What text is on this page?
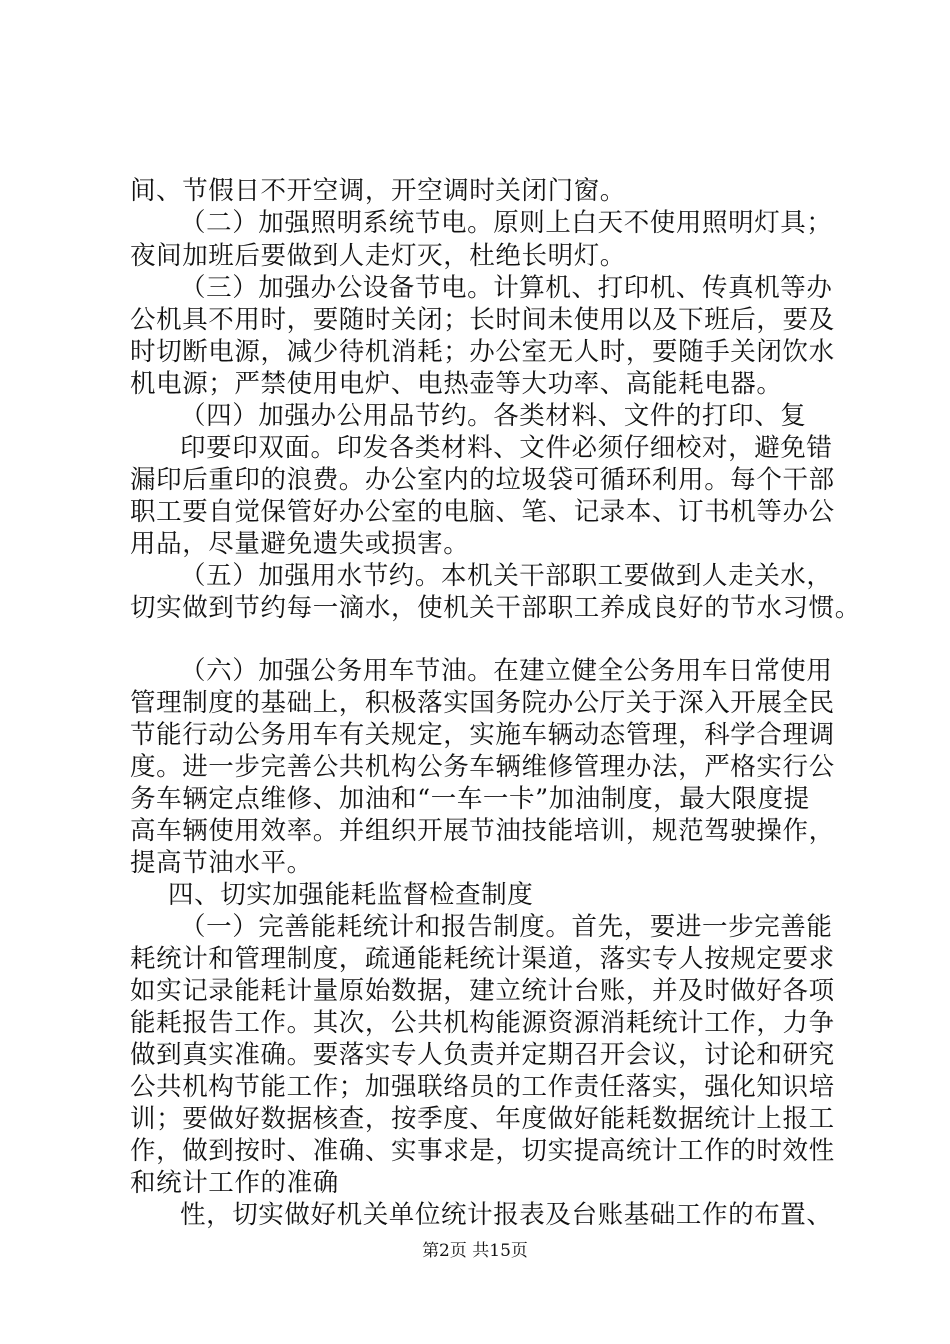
间、节假日不开空调，开空调时关闭门窗。
（二）加强照明系统节电。原则上白天不使用照明灯具；
夜间加班后要做到人走灯灭，杜绝长明灯。
（三）加强办公设备节电。计算机、打印机、传真机等办
公机具不用时，要随时关闭；长时间未使用以及下班后，要及
时切断电源，减少待机消耗；办公室无人时，要随手关闭饮水
机电源；严禁使用电炉、电热壶等大功率、高能耗电器。
（四）加强办公用品节约。各类材料、文件的打印、复
印要印双面。印发各类材料、文件必须仔细校对，避免错
漏印后重印的浪费。办公室内的垃圾袋可循环利用。每个干部
职工要自觉保管好办公室的电脑、笔、记录本、订书机等办公
用品，尽量避免遗失或损害。
（五）加强用水节约。本机关干部职工要做到人走关水，
切实做到节约每一滴水，使机关干部职工养成良好的节水习惯。
（六）加强公务用车节油。在建立健全公务用车日常使用
管理制度的基础上，积极落实国务院办公厅关于深入开展全民
节能行动公务用车有关规定，实施车辆动态管理，科学合理调
度。进一步完善公共机构公务车辆维修管理办法，严格实行公
务车辆定点维修、加油和“一车一卡”加油制度，最大限度提
高车辆使用效率。并组织开展节油技能培训，规范驾驶操作，
提高节油水平。
四、切实加强能耗监督检查制度
（一）完善能耗统计和报告制度。首先，要进一步完善能
耗统计和管理制度，疏通能耗统计渠道，落实专人按规定要求
如实记录能耗计量原始数据，建立统计台账，并及时做好各项
能耗报告工作。其次，公共机构能源资源消耗统计工作，力争
做到真实准确。要落实专人负责并定期召开会议，讨论和研究
公共机构节能工作；加强联络员的工作责任落实，强化知识培
训；要做好数据核查，按季度、年度做好能耗数据统计上报工
作，做到按时、准确、实事求是，切实提高统计工作的时效性
和统计工作的准确
性，切实做好机关单位统计报表及台账基础工作的布置、
第2页 共15页
